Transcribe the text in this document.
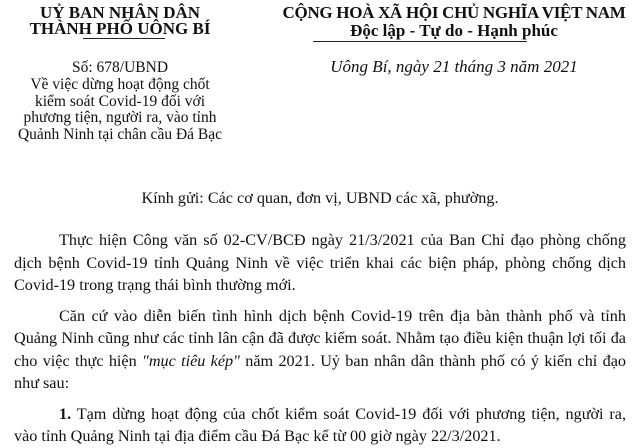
UỶ BAN NHÂN DÂN
THÀNH PHỐ UÔNG BÍ
Số: 678/UBND
Về việc dừng hoạt động chốt
kiểm soát Covid-19 đối với
phương tiện, người ra, vào tỉnh
Quảnh Ninh tại chân cầu Đá Bạc
CỘNG HOÀ XÃ HỘI CHỦ NGHĨA VIỆT NAM
Độc lập - Tự do - Hạnh phúc
Uông Bí, ngày 21 tháng 3 năm 2021
Kính gửi: Các cơ quan, đơn vị, UBND các xã, phường.

Thực hiện Công văn số 02-CV/BCĐ ngày 21/3/2021 của Ban Chỉ đạo phòng chống dịch bệnh Covid-19 tỉnh Quảng Ninh về việc triển khai các biện pháp, phòng chống dịch Covid-19 trong trạng thái bình thường mới.

Căn cứ vào diễn biến tình hình dịch bệnh Covid-19 trên địa bàn thành phố và tỉnh Quảng Ninh cũng như các tỉnh lân cận đã được kiểm soát. Nhằm tạo điều kiện thuận lợi tối đa cho việc thực hiện "mục tiêu kép" năm 2021. Uỷ ban nhân dân thành phố có ý kiến chỉ đạo như sau:

1. Tạm dừng hoạt động của chốt kiểm soát Covid-19 đối với phương tiện, người ra, vào tỉnh Quảng Ninh tại địa điểm cầu Đá Bạc kể từ 00 giờ ngày 22/3/2021.
